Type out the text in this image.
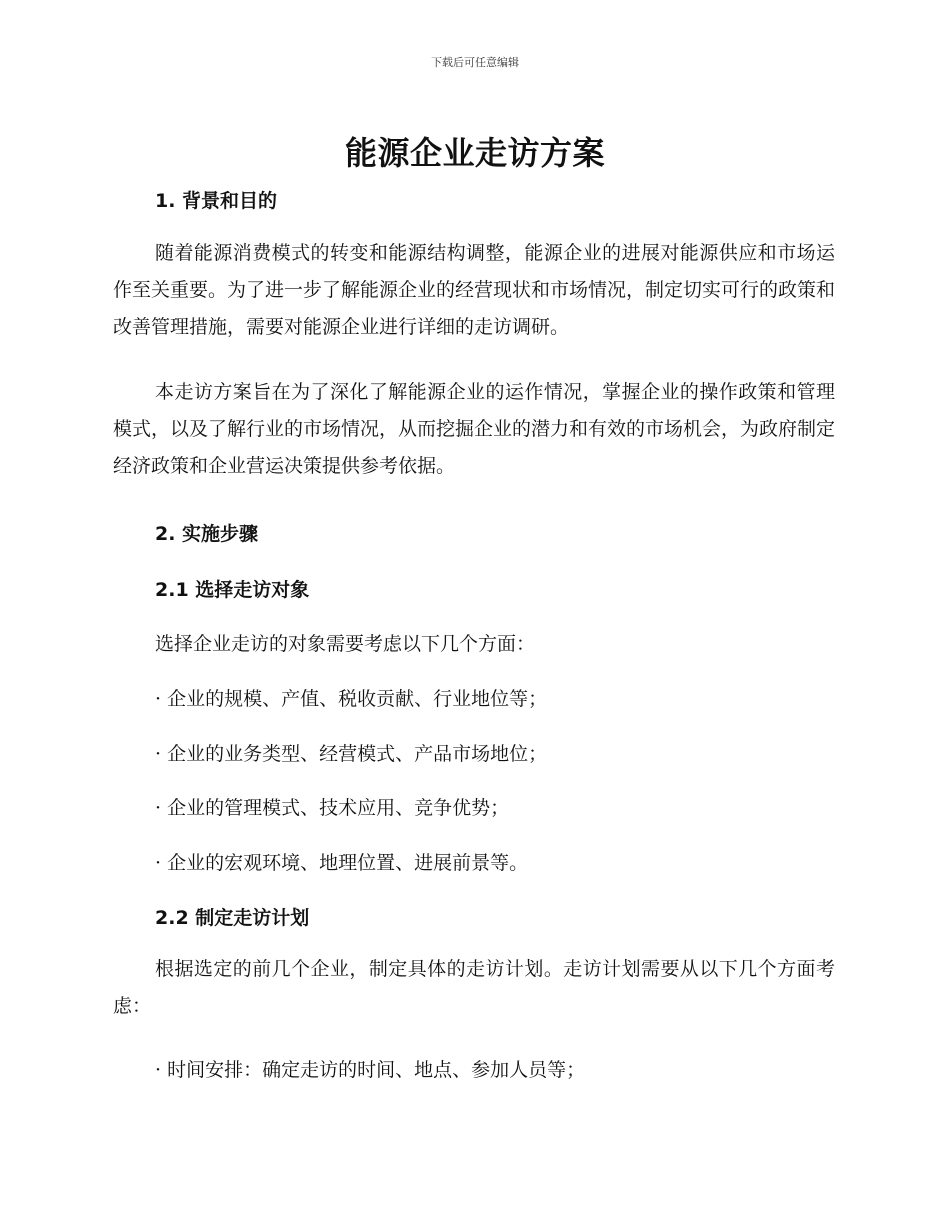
下载后可任意编辑
能源企业走访方案
1. 背景和目的
随着能源消费模式的转变和能源结构调整，能源企业的进展对能源供应和市场运作至关重要。为了进一步了解能源企业的经营现状和市场情况，制定切实可行的政策和改善管理措施，需要对能源企业进行详细的走访调研。
本走访方案旨在为了深化了解能源企业的运作情况，掌握企业的操作政策和管理模式，以及了解行业的市场情况，从而挖掘企业的潜力和有效的市场机会，为政府制定经济政策和企业营运决策提供参考依据。
2. 实施步骤
2.1 选择走访对象
选择企业走访的对象需要考虑以下几个方面：
· 企业的规模、产值、税收贡献、行业地位等；
· 企业的业务类型、经营模式、产品市场地位；
· 企业的管理模式、技术应用、竞争优势；
· 企业的宏观环境、地理位置、进展前景等。
2.2 制定走访计划
根据选定的前几个企业，制定具体的走访计划。走访计划需要从以下几个方面考虑：
· 时间安排：确定走访的时间、地点、参加人员等；
